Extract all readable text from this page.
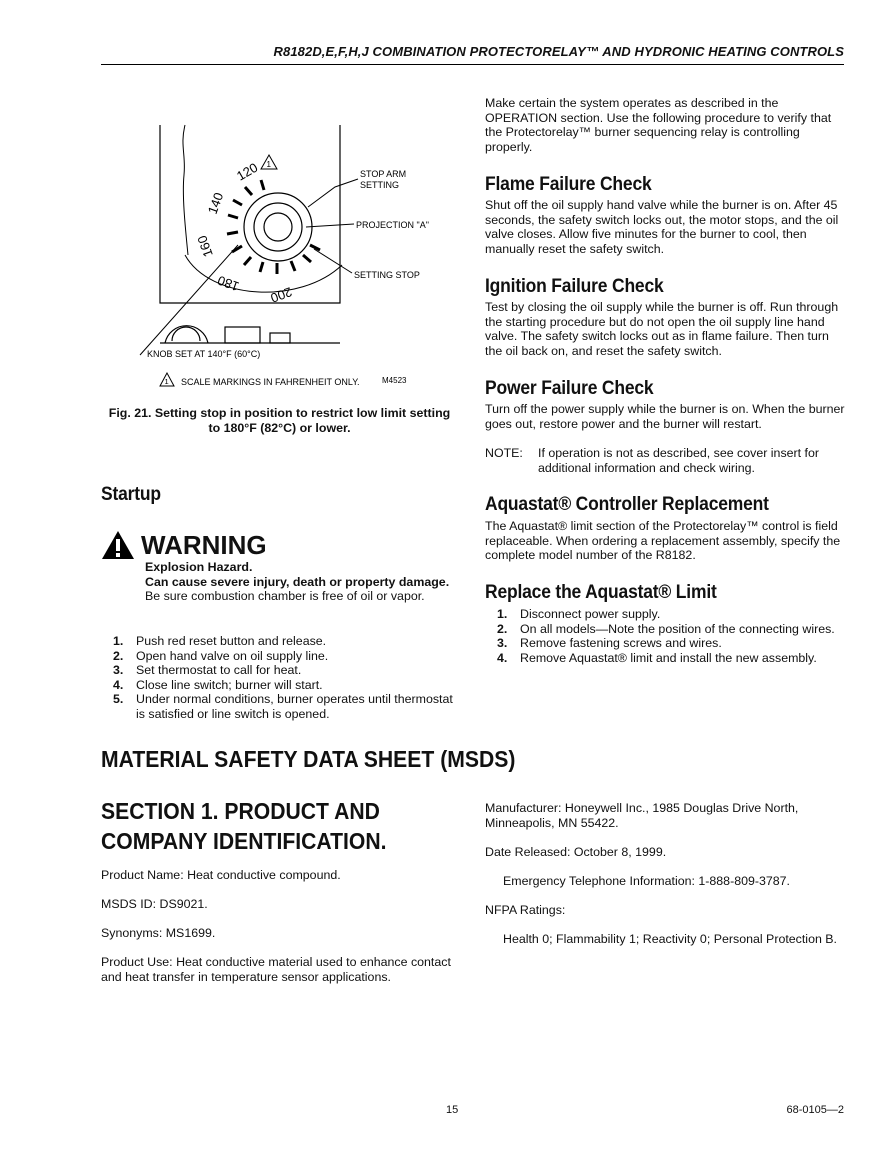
R8182D,E,F,H,J COMBINATION PROTECTORELAY™ AND HYDRONIC HEATING CONTROLS
120
140
160
180
200
1
STOP ARM
SETTING
PROJECTION "A"
SETTING STOP
KNOB SET AT 140°F (60°C)
1 SCALE MARKINGS IN FAHRENHEIT ONLY.	M4523
Fig. 21. Setting stop in position to restrict low limit setting
to 180°F (82°C) or lower.
Startup
WARNING
Explosion Hazard.
Can cause severe injury, death or property damage.
Be sure combustion chamber is free of oil or vapor.
1. Push red reset button and release.
2. Open hand valve on oil supply line.
3. Set thermostat to call for heat.
4. Close line switch; burner will start.
5. Under normal conditions, burner operates until thermostat is satisfied or line switch is opened.

Make certain the system operates as described in the OPERATION section. Use the following procedure to verify that the Protectorelay™ burner sequencing relay is controlling properly.

Flame Failure Check

Shut off the oil supply hand valve while the burner is on. After 45 seconds, the safety switch locks out, the motor stops, and the oil valve closes. Allow five minutes for the burner to cool, then manually reset the safety switch.

Ignition Failure Check

Test by closing the oil supply while the burner is off. Run through the starting procedure but do not open the oil supply line hand valve. The safety switch locks out as in flame failure. Then turn the oil back on, and reset the safety switch.

Power Failure Check

Turn off the power supply while the burner is on. When the burner goes out, restore power and the burner will restart.

NOTE:	If operation is not as described, see cover insert for additional information and check wiring.
Aquastat® Controller Replacement

The Aquastat® limit section of the Protectorelay™ control is field replaceable. When ordering a replacement assembly, specify the complete model number of the R8182.

Replace the Aquastat® Limit
1. Disconnect power supply.
2. On all models—Note the position of the connecting wires.
3. Remove fastening screws and wires.
4. Remove Aquastat® limit and install the new assembly.
MATERIAL SAFETY DATA SHEET (MSDS)
SECTION 1. PRODUCT AND COMPANY IDENTIFICATION.

Product Name: Heat conductive compound.

MSDS ID: DS9021.

Synonyms: MS1699.

Product Use: Heat conductive material used to enhance contact and heat transfer in temperature sensor applications.

Manufacturer: Honeywell Inc., 1985 Douglas Drive North, Minneapolis, MN 55422.

Date Released: October 8, 1999.

Emergency Telephone Information: 1-888-809-3787.

NFPA Ratings:

Health 0; Flammability 1; Reactivity 0; Personal Protection B.

15	68-0105—2
